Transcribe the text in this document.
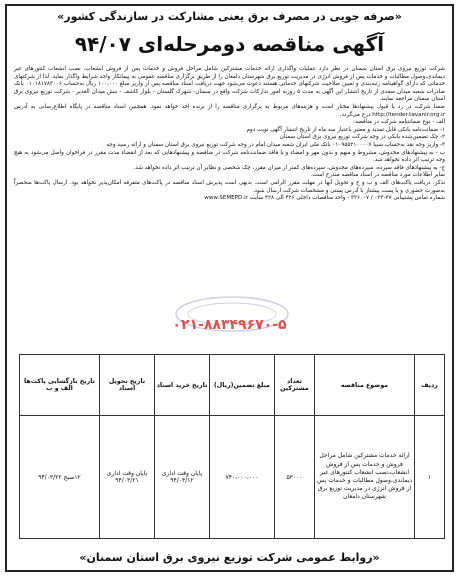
«صرفه جویی در مصرف برق یعنی مشارکت در سازندگی کشور»
آگهی مناقصه دومرحله‌ای ۹۴/۰۷

شرکت توزیع نیروی برق استان سمنان در نظر دارد عملیات واگذاری ارائه خدمات مشترکین شامل مراحل فروش و خدمات پس از فروش انشعاب، نصب انشعاب کنتورهای غیر دیماندی،وصول مطالبات و خدمات پس از فروش انرژی در مدیریت توزیع برق شهرستان دامغان را از طریق برگزاری مناقصه عمومی به پیمانکار واجد شرایط واگذار نماید. لذا از شرکتهای خدماتی که دارای گواهینامه رتبه‌بندی و تعیین صلاحیت شرکتهای خدماتی هستند دعوت می‌شود جهت دریافت اسناد مناقصه پس از واریز مبلغ ۱۰۰،۰۰۰ ریال به‌حساب ۰۱۰۱۸۱۷۸۳۰۰۶ بانک صادرات شعبه میدان سعدی از تاریخ انتشار این آگهی به مدت ۵ روزبه امور تدارکات شرکت واقع در سمنان- شهرک گلستان - بلوار کاشف - نبش میدان الغدیر - شرکت توزیع نیروی برق استان سمنان مراجعه نمایند.

ضمنا شرکت در رد یا قبول پیشنهادها مختار است و هزینه‌های مربوط به برگزاری مناقصه را از برنده اخذ خواهد نمود. همچنین اسناد مناقصه در پایگاه اطلاع‌رسانی به آدرس http://tender.tavanir.org.ir درج می‌گردد.

الف - نوع ضمانتنامه شرکت در مناقصه:

۱- ضمانت‌نامه بانکی قابل تمدید و معتبر باعتبار سه ماه از تاریخ انتشار آگهی نوبت دوم

۲- چک تضمین‌شده بانکی در وجه شرکت توزیع نیروی برق استان سمنان

۳- واریز وجه نقد به‌حساب سیبا ۰۱۰۹۵۵۲۱۰۰۰۰۷ بانک ملی ایران شعبه میدان امام در وجه شرکت توزیع نیروی برق استان سمنان و ارائه رسید وجه

ب - به پیشنهادهای مخدوش، مشروط و مبهم و بدون مهر و امضاء و یا فاقد ضمانت‌نامه شرکت در مناقصه و پیشنهادهایی که بعد از انقضاء مدت مقرر در فراخوان واصل می‌شود به هیچ وجه ترتیب اثر داده نخواهد شد.

ج- به پیشنهادهای فاقد سپرده، سپرده‌های مخدوش، سپرده‌های کمتر از میزان مقرر، چک شخصی و نظایر آن ترتیب اثر داده نخواهد شد.

سایر اطلاعات مورد مناقصه در اسناد مناقصه مندرج است.

تذکر: دریافت پاکت‌های الف و ب و ج و تحویل آنها در مهلت مقرر الزامی است. بدیهی است پذیرش اسناد مناقصه در پاکت‌های متفرقه امکان‌پذیر نخواهد بود. ارسال پاکت‌ها منحصراً به‌صورت حضوری و یا پست پیشتاز با آدرس پستی و مشخصات شرکت ارسال شود.

شماره تماس پشتیبانی ۲۷-۰۲۳ / ۳۳۶۰۰۷ - واحد مناقصات داخلی ۴۲۶ الی ۴۲۸ سایت www.SEMEPD.ir

۰۲۱-۸۸۳۴۹۶۷۰-۵
ردیف	موضوع مناقصه	تعداد مشترکین	مبلغ تضمین(ریال)	تاریخ خرید اسناد	تاریخ تحویل اسناد	تاریخ بازگشایی پاکت‌ها الف و ب
۱	ارائه خدمات مشترکین شامل مراحل فروش و خدمات پس از فروش انشعاب،نصب انشعاب کنتورهای غیر دیماندی،وصول مطالبات و خدمات پس از فروش انرژی در مدیریت توزیع برق شهرستان دامغان	۵۳۰۰۰	۷۴۰،۰۰۰،۰۰۰	پایان وقت اداری ۹۴/۰۳/۱۲	پایان وقت اداری ۹۴/۰۳/۲۱	۱۲صبح ۹۴/۰۳/۲۲
«روابط عمومی شرکت توزیع نیروی برق استان سمنان»
